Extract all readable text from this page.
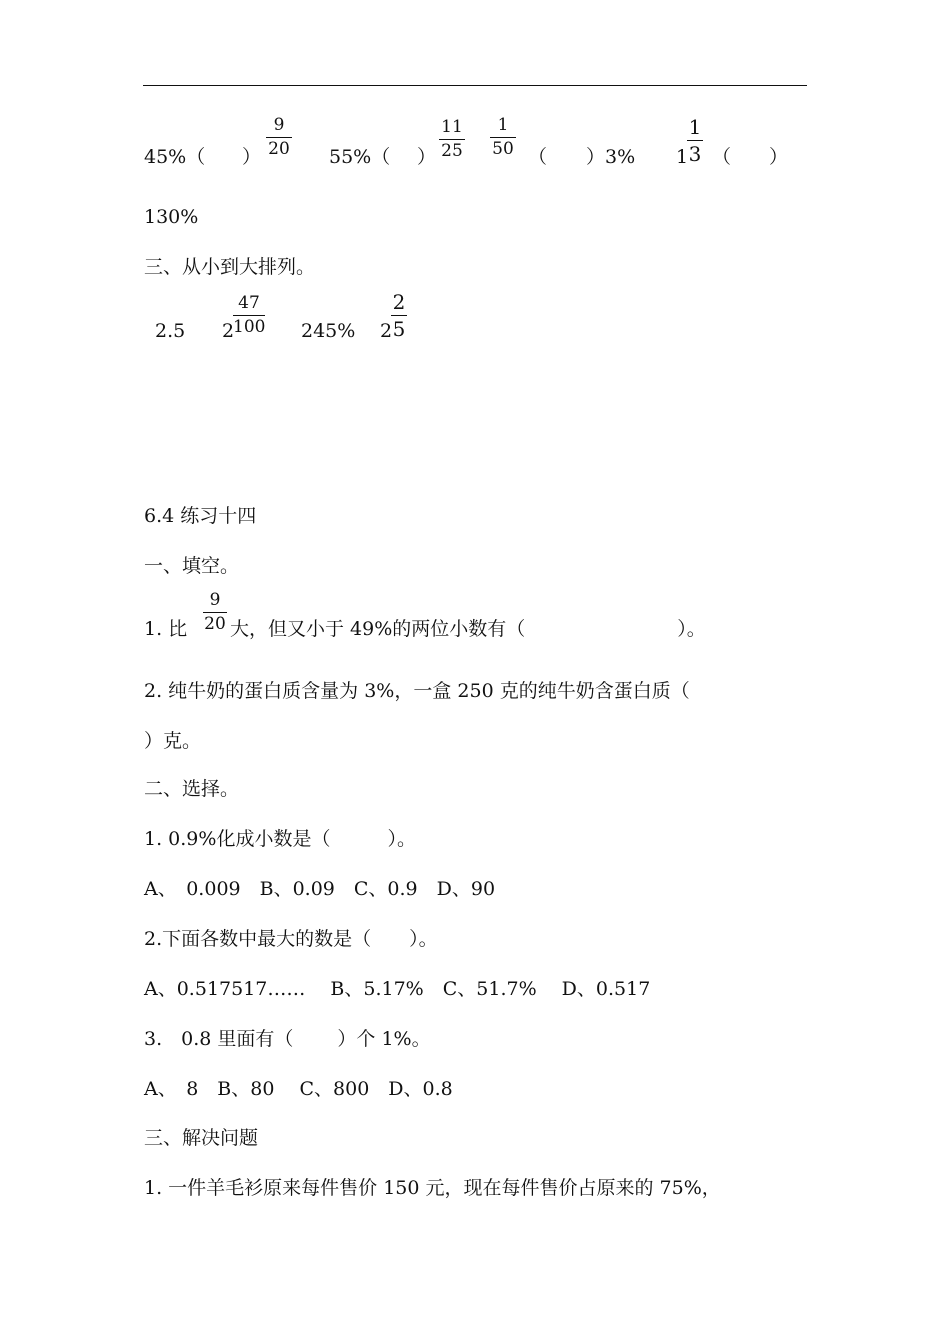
45%（ ）
9
20 55%（ ）
11
25
1
50 （ ）3% 1
1
3 （　　）
130%
三、从小到大排列。
2.5 2
47
100 245% 2
2
5
6.4 练习十四
一、填空。
1. 比
9
20 大，但又小于 49%的两位小数有（　　　　　　　　）。
2. 纯牛奶的蛋白质含量为 3%，一盒 250 克的纯牛奶含蛋白质（
）克。
二、选择。
1. 0.9%化成小数是（　　　）。
A、　0.009　B、0.09　C、0.9　D、90
2.下面各数中最大的数是（　　）。
A、0.517517……　 B、5.17%　C、51.7%　 D、0.517
3.　0.8 里面有（　　 ）个 1%。
A、　8　B、80　 C、800　D、0.8
三、解决问题
1. 一件羊毛衫原来每件售价 150 元，现在每件售价占原来的 75%，
